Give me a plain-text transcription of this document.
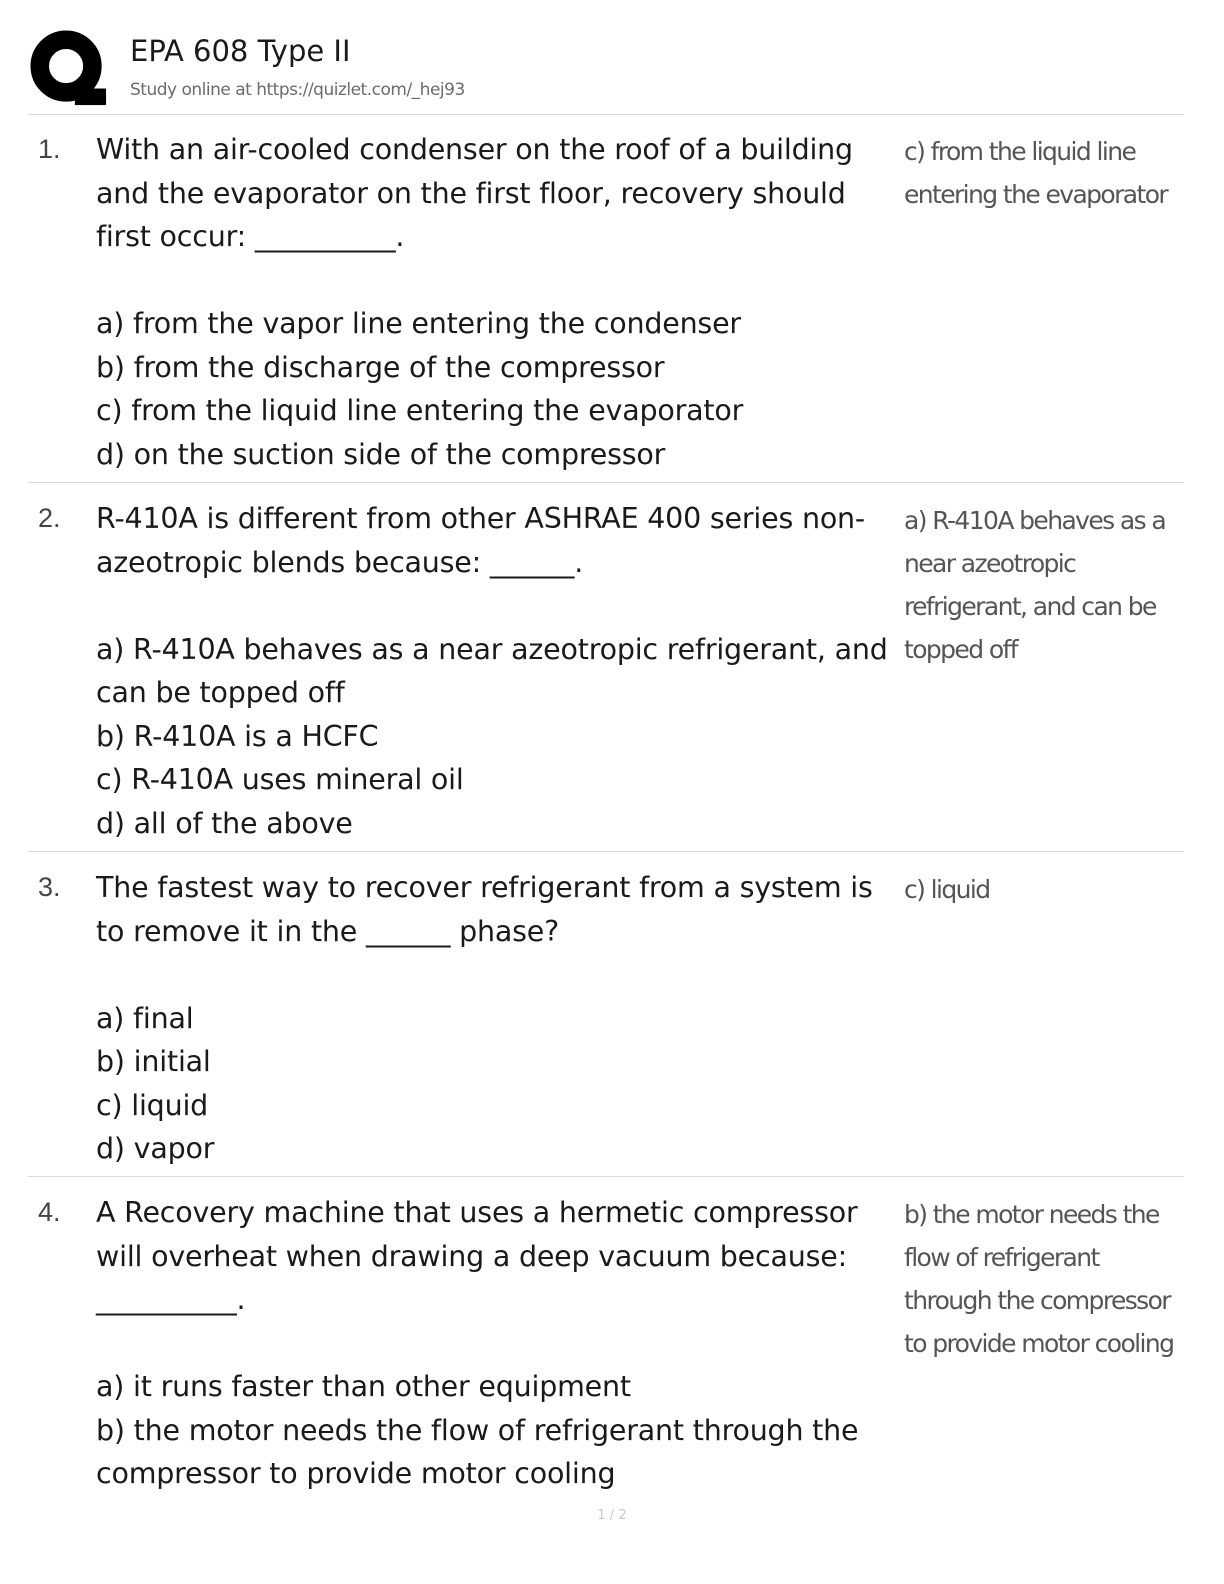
EPA 608 Type II
Study online at https://quizlet.com/_hej93
1. With an air-cooled condenser on the roof of a building and the evaporator on the first floor, recovery should first occur: __________.

a) from the vapor line entering the condenser
b) from the discharge of the compressor
c) from the liquid line entering the evaporator
d) on the suction side of the compressor
c) from the liquid line entering the evaporator
2. R-410A is different from other ASHRAE 400 series non-azeotropic blends because: ______.

a) R-410A behaves as a near azeotropic refrigerant, and can be topped off
b) R-410A is a HCFC
c) R-410A uses mineral oil
d) all of the above
a) R-410A behaves as a near azeotropic refrigerant, and can be topped off
3. The fastest way to recover refrigerant from a system is to remove it in the ______ phase?

a) final
b) initial
c) liquid
d) vapor
c) liquid
4. A Recovery machine that uses a hermetic compressor will overheat when drawing a deep vacuum because: __________.

a) it runs faster than other equipment
b) the motor needs the flow of refrigerant through the compressor to provide motor cooling
b) the motor needs the flow of refrigerant through the compressor to provide motor cooling
1 / 2
